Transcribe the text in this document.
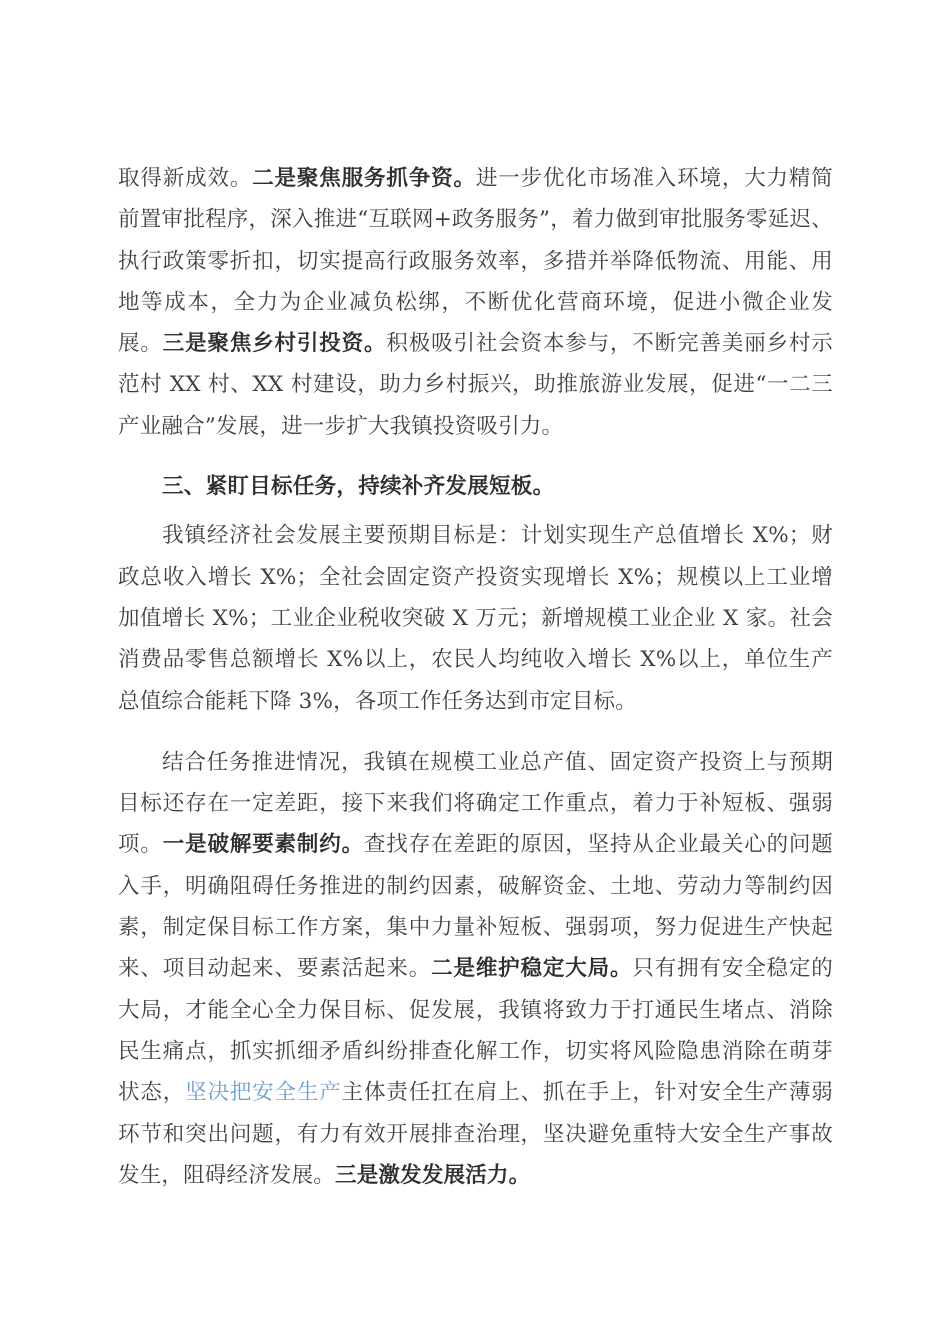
取得新成效。二是聚焦服务抓争资。进一步优化市场准入环境，大力精简前置审批程序，深入推进“互联网+政务服务”，着力做到审批服务零延迟、执行政策零折扣，切实提高行政服务效率，多措并举降低物流、用能、用地等成本，全力为企业减负松绑，不断优化营商环境，促进小微企业发展。三是聚焦乡村引投资。积极吸引社会资本参与，不断完善美丽乡村示范村 XX 村、XX 村建设，助力乡村振兴，助推旅游业发展，促进“一二三产业融合”发展，进一步扩大我镇投资吸引力。

三、紧盯目标任务，持续补齐发展短板。

我镇经济社会发展主要预期目标是：计划实现生产总值增长 X%；财政总收入增长 X%；全社会固定资产投资实现增长 X%；规模以上工业增加值增长 X%；工业企业税收突破 X 万元；新增规模工业企业 X 家。社会消费品零售总额增长 X%以上，农民人均纯收入增长 X%以上，单位生产总值综合能耗下降 3%，各项工作任务达到市定目标。

结合任务推进情况，我镇在规模工业总产值、固定资产投资上与预期目标还存在一定差距，接下来我们将确定工作重点，着力于补短板、强弱项。一是破解要素制约。查找存在差距的原因，坚持从企业最关心的问题入手，明确阻碍任务推进的制约因素，破解资金、土地、劳动力等制约因素，制定保目标工作方案，集中力量补短板、强弱项，努力促进生产快起来、项目动起来、要素活起来。二是维护稳定大局。只有拥有安全稳定的大局，才能全心全力保目标、促发展，我镇将致力于打通民生堵点、消除民生痛点，抓实抓细矛盾纠纷排查化解工作，切实将风险隐患消除在萌芽状态，坚决把安全生产主体责任扛在肩上、抓在手上，针对安全生产薄弱环节和突出问题，有力有效开展排查治理，坚决避免重特大安全生产事故发生，阻碍经济发展。三是激发发展活力。
